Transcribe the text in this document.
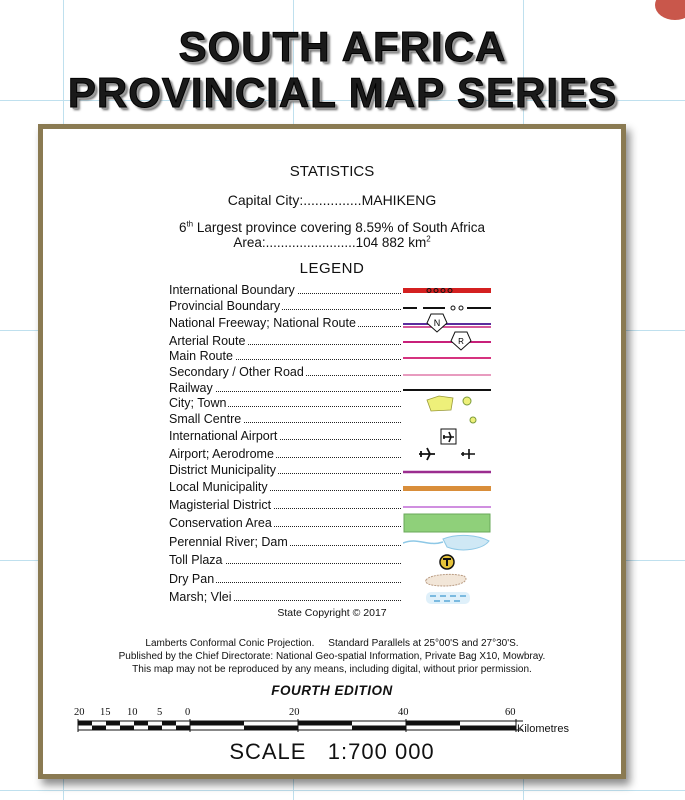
SOUTH AFRICA
PROVINCIAL MAP SERIES
STATISTICS
Capital City:...............MAHIKENG
6th Largest province covering 8.59% of South Africa
Area:........................104 882 $km^2$
LEGEND
International Boundary
Provincial Boundary
National Freeway; National Route	N
Arterial Route	R
Main Route
Secondary / Other Road
Railway
City; Town
Small Centre
International Airport
Airport; Aerodrome
District Municipality
Local Municipality
Magisterial District
Conservation Area
Perennial River; Dam
Toll Plaza
Dry Pan
Marsh; Vlei
State Copyright © 2017
Lamberts Conformal Conic Projection.     Standard Parallels at 25°00'S and 27°30'S.
Published by the Chief Directorate: National Geo-spatial Information, Private Bag X10, Mowbray.
This map may not be reproduced by any means, including digital, without prior permission.
FOURTH EDITION
20 15 10 5 0	20	40	60
Kilometres
SCALE   1:700 000
